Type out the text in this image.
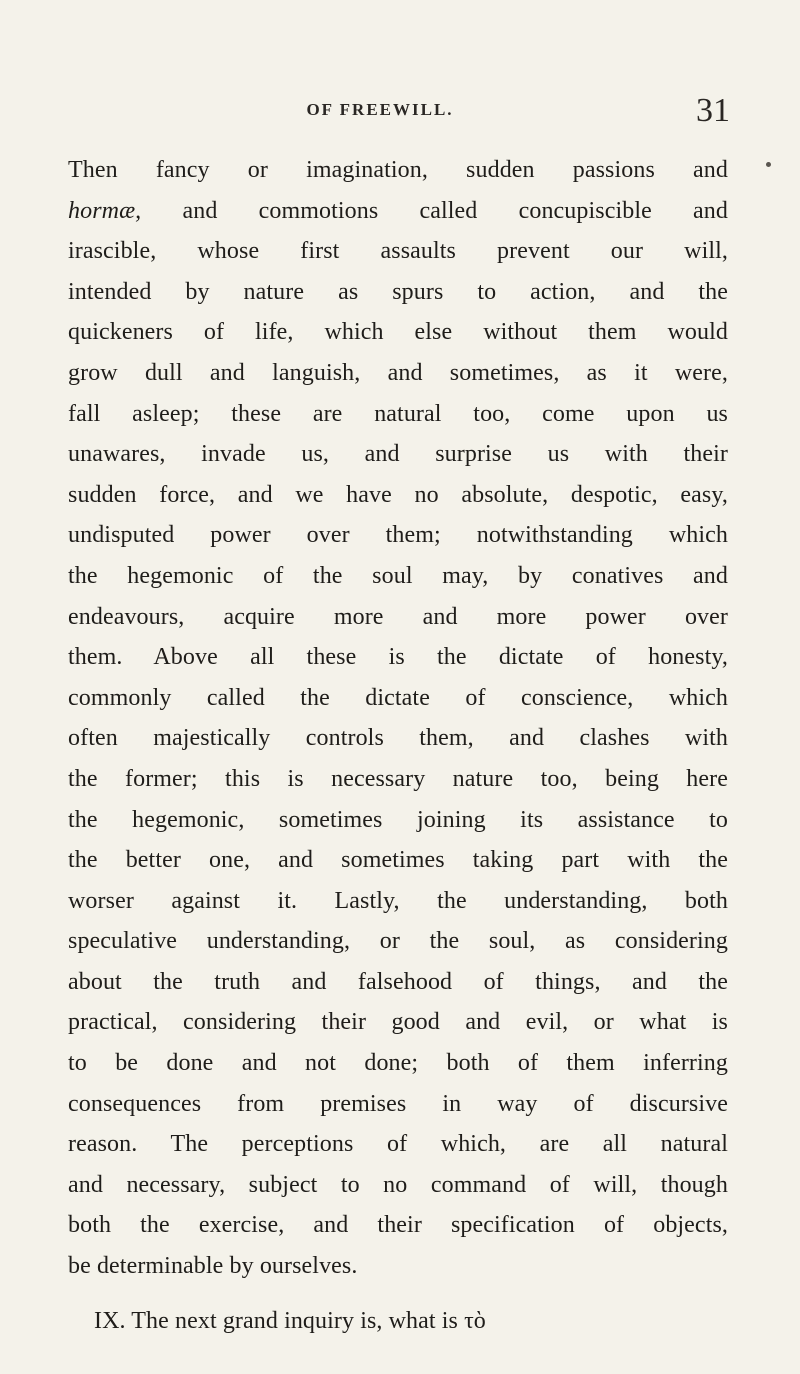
OF FREEWILL.	31
Then fancy or imagination, sudden passions and
hormæ, and commotions called concupiscible and
irascible, whose first assaults prevent our will,
intended by nature as spurs to action, and the
quickeners of life, which else without them would
grow dull and languish, and sometimes, as it were,
fall asleep; these are natural too, come upon us
unawares, invade us, and surprise us with their
sudden force, and we have no absolute, despotic, easy,
undisputed power over them; notwithstanding which
the hegemonic of the soul may, by conatives and
endeavours, acquire more and more power over
them. Above all these is the dictate of honesty,
commonly called the dictate of conscience, which
often majestically controls them, and clashes with
the former; this is necessary nature too, being here
the hegemonic, sometimes joining its assistance to
the better one, and sometimes taking part with the
worser against it. Lastly, the understanding, both
speculative understanding, or the soul, as considering
about the truth and falsehood of things, and the
practical, considering their good and evil, or what is
to be done and not done; both of them inferring
consequences from premises in way of discursive
reason. The perceptions of which, are all natural
and necessary, subject to no command of will, though
both the exercise, and their specification of objects,
be determinable by ourselves.
IX. The next grand inquiry is, what is τὸ
